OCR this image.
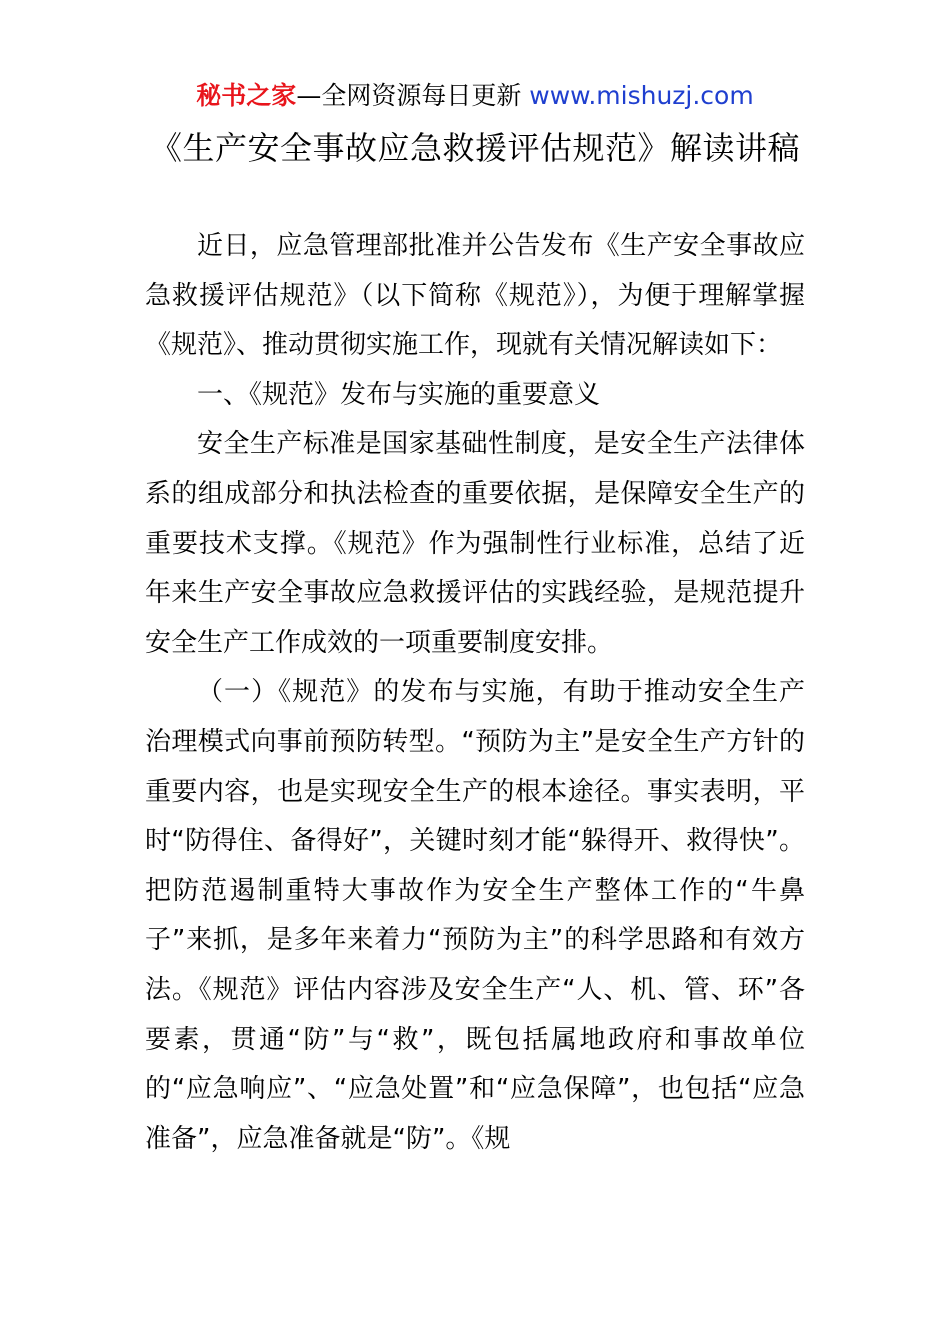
秘书之家—全网资源每日更新 www.mishuzj.com
《生产安全事故应急救援评估规范》解读讲稿

近日，应急管理部批准并公告发布《生产安全事故应急救援评估规范》（以下简称《规范》），为便于理解掌握《规范》、推动贯彻实施工作，现就有关情况解读如下：

一、《规范》发布与实施的重要意义

安全生产标准是国家基础性制度，是安全生产法律体系的组成部分和执法检查的重要依据，是保障安全生产的重要技术支撑。《规范》作为强制性行业标准，总结了近年来生产安全事故应急救援评估的实践经验，是规范提升安全生产工作成效的一项重要制度安排。

（一）《规范》的发布与实施，有助于推动安全生产治理模式向事前预防转型。“预防为主”是安全生产方针的重要内容，也是实现安全生产的根本途径。事实表明，平时“防得住、备得好”，关键时刻才能“躲得开、救得快”。把防范遏制重特大事故作为安全生产整体工作的“牛鼻子”来抓，是多年来着力“预防为主”的科学思路和有效方法。《规范》评估内容涉及安全生产“人、机、管、环”各要素，贯通“防”与“救”，既包括属地政府和事故单位的“应急响应”、“应急处置”和“应急保障”，也包括“应急准备”，应急准备就是“防”。《规
